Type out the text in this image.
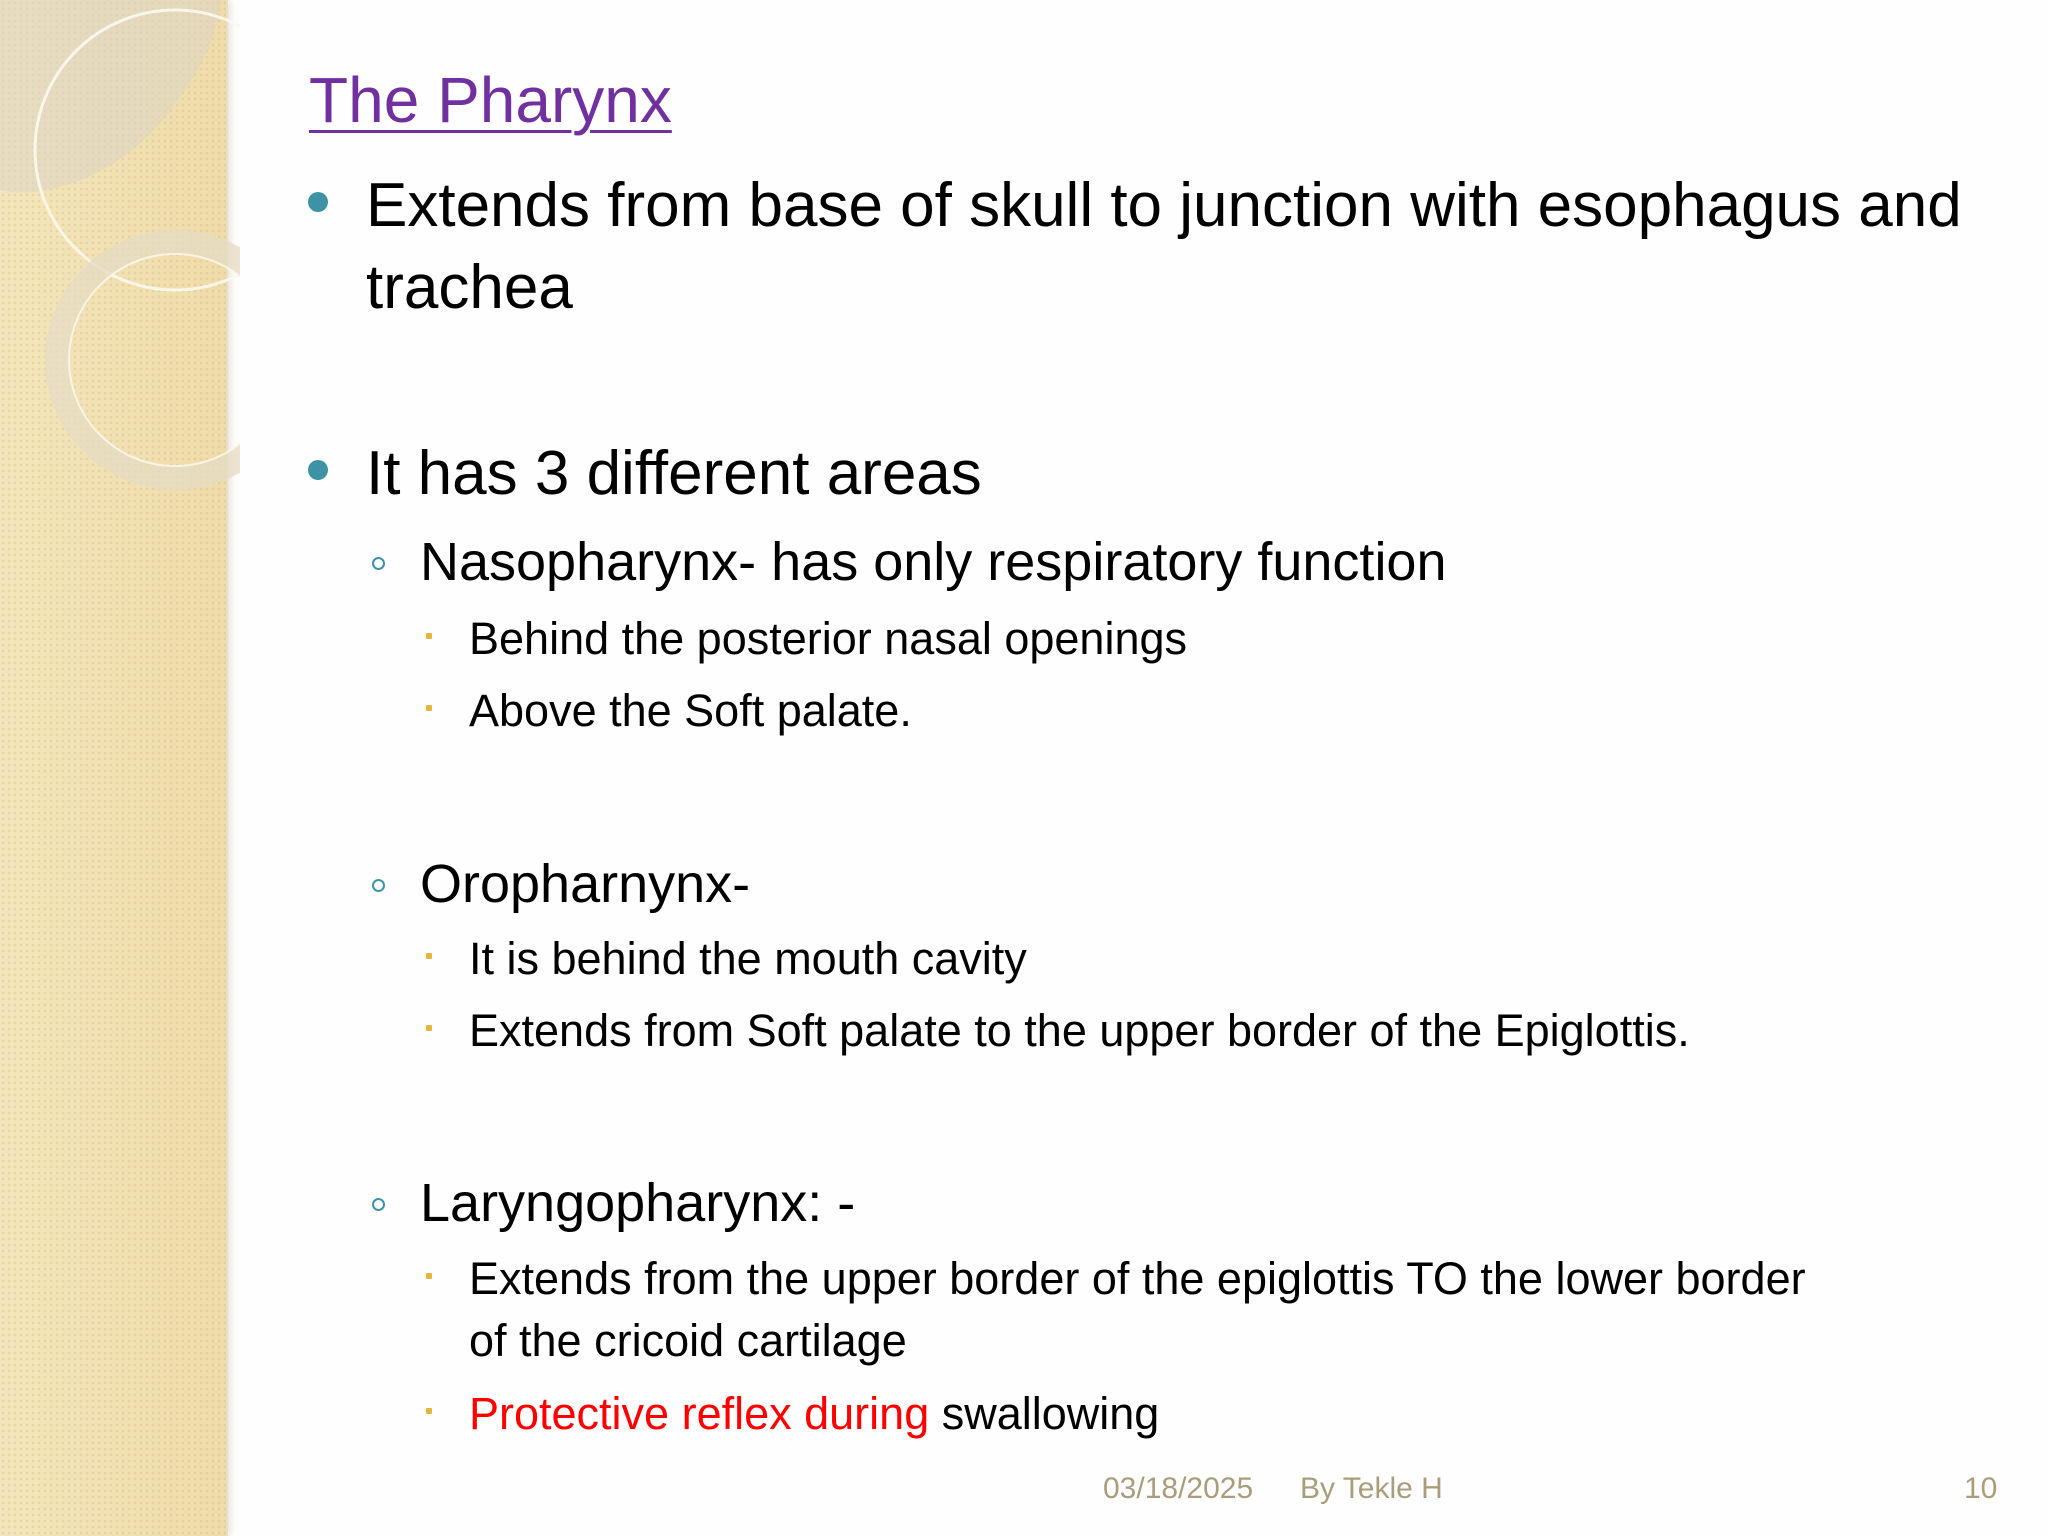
The Pharynx
Extends from base of skull to junction with esophagus and
trachea
It has 3 different areas
Nasopharynx- has only respiratory function
Behind the posterior nasal openings
Above the Soft palate.
Oropharnynx-
It is behind the mouth cavity
Extends from Soft palate to the upper border of the Epiglottis.
Laryngopharynx: -
Extends from the upper border of the epiglottis TO the lower border
of the cricoid cartilage
Protective reflex during swallowing
03/18/2025 By Tekle H	10
